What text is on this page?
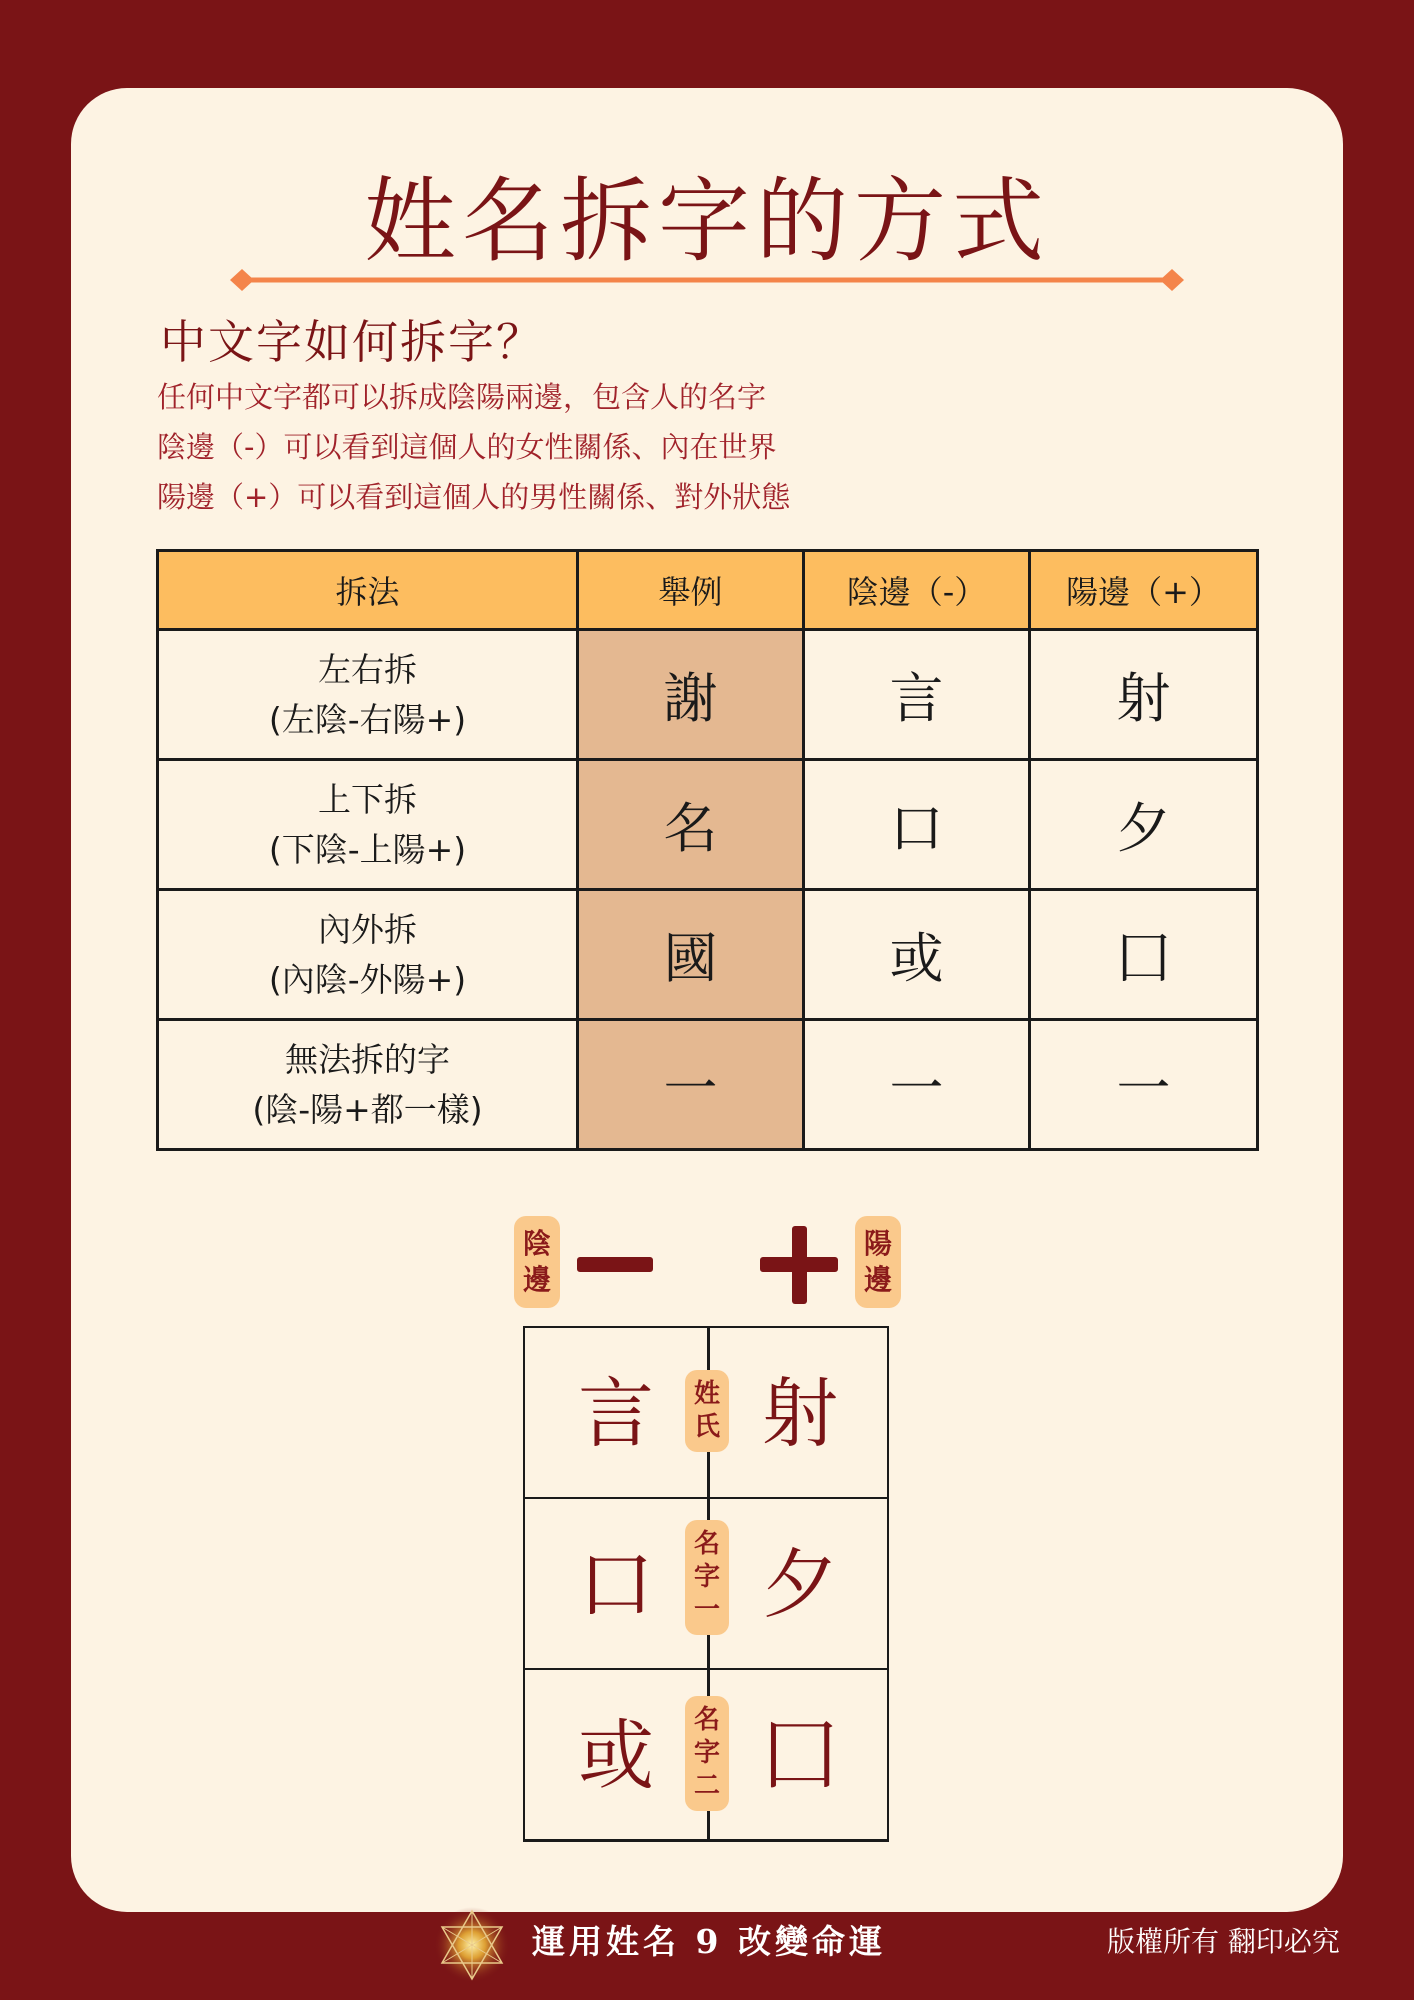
姓名拆字的方式
中文字如何拆字？
任何中文字都可以拆成陰陽兩邊，包含人的名字
陰邊（-）可以看到這個人的女性關係、內在世界
陽邊（+）可以看到這個人的男性關係、對外狀態
拆法	舉例	陰邊（-）	陽邊（+）

左右拆
(左陰-右陽+)	謝	言	射

上下拆
(下陰-上陽+)	名	口	夕

內外拆
(內陰-外陽+)	國	或	囗

無法拆的字
(陰-陽+都一樣)	一	一	一
陰
邊
陽
邊
言	射
口	夕
或	囗
姓
氏
名
字
一
名
字
二
運用姓名 9 改變命運	版權所有 翻印必究
